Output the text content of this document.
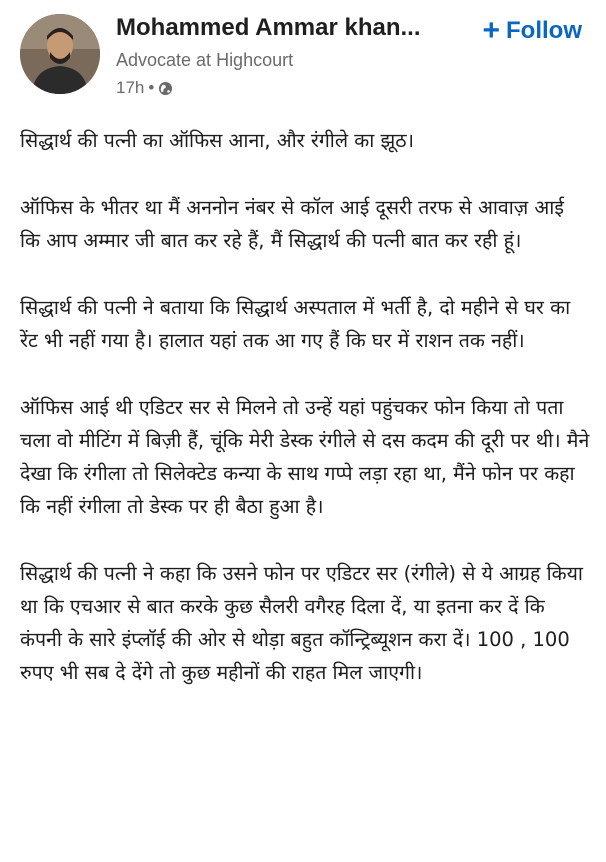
Mohammed Ammar khan...
Advocate at Highcourt
17h •
+ Follow

सिद्धार्थ की पत्नी का ऑफिस आना, और रंगीले का झूठ।

ऑफिस के भीतर था मैं अननोन नंबर से कॉल आई दूसरी तरफ से आवाज़ आई कि आप अम्मार जी बात कर रहे हैं, मैं सिद्धार्थ की पत्नी बात कर रही हूं।

सिद्धार्थ की पत्नी ने बताया कि सिद्धार्थ अस्पताल में भर्ती है, दो महीने से घर का रेंट भी नहीं गया है। हालात यहां तक आ गए हैं कि घर में राशन तक नहीं।

ऑफिस आई थी एडिटर सर से मिलने तो उन्हें यहां पहुंचकर फोन किया तो पता चला वो मीटिंग में बिज़ी हैं, चूंकि मेरी डेस्क रंगीले से दस कदम की दूरी पर थी। मैने देखा कि रंगीला तो सिलेक्टेड कन्या के साथ गप्पे लड़ा रहा था, मैंने फोन पर कहा कि नहीं रंगीला तो डेस्क पर ही बैठा हुआ है।

सिद्धार्थ की पत्नी ने कहा कि उसने फोन पर एडिटर सर (रंगीले) से ये आग्रह किया था कि एचआर से बात करके कुछ सैलरी वगैरह दिला दें, या इतना कर दें कि कंपनी के सारे इंप्लॉई की ओर से थोड़ा बहुत कॉन्ट्रिब्यूशन करा दें। 100 , 100 रुपए भी सब दे देंगे तो कुछ महीनों की राहत मिल जाएगी।
